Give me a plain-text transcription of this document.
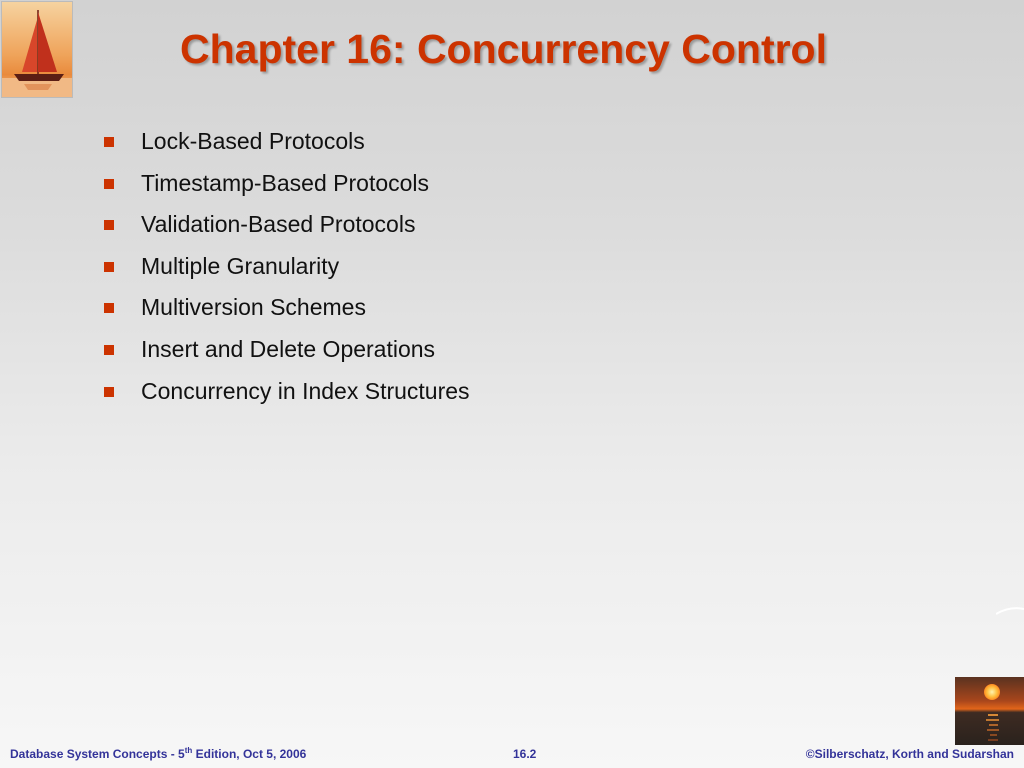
Chapter 16: Concurrency Control
Lock-Based Protocols
Timestamp-Based Protocols
Validation-Based Protocols
Multiple Granularity
Multiversion Schemes
Insert and Delete Operations
Concurrency in Index Structures
Database System Concepts - 5th Edition, Oct 5, 2006	16.2	©Silberschatz, Korth and Sudarshan
